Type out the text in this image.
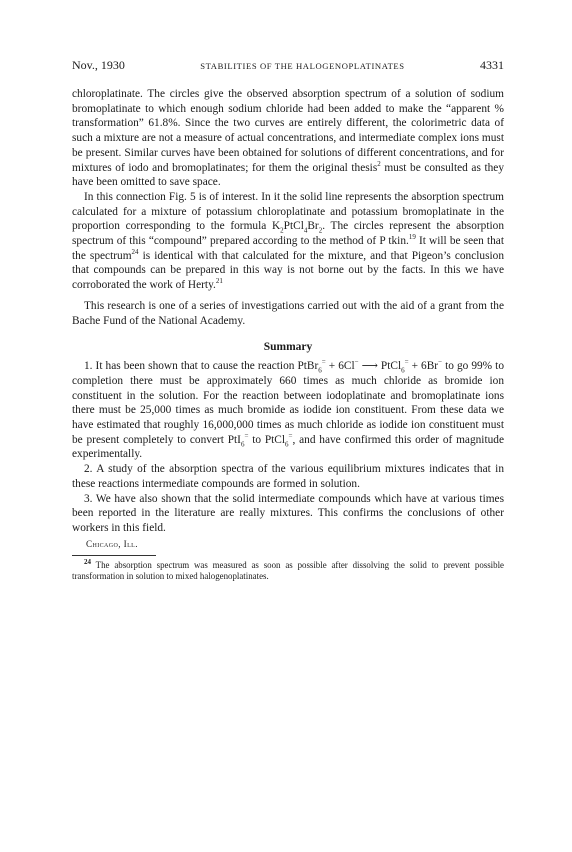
Nov., 1930	STABILITIES OF THE HALOGENOPLATINATES	4331

chloroplatinate. The circles give the observed absorption spectrum of a solution of sodium bromoplatinate to which enough sodium chloride had been added to make the “apparent % transformation” 61.8%. Since the two curves are entirely different, the colorimetric data of such a mixture are not a measure of actual concentrations, and intermediate complex ions must be present. Similar curves have been obtained for solutions of different concentrations, and for mixtures of iodo and bromoplatinates; for them the original thesis$^2$ must be consulted as they have been omitted to save space.

In this connection Fig. 5 is of interest. In it the solid line represents the absorption spectrum calculated for a mixture of potassium chloroplatinate and potassium bromoplatinate in the proportion corresponding to the formula $K_2PtCl_4Br_2$. The circles represent the absorption spectrum of this “compound” prepared according to the method of P tkin.$^{19}$ It will be seen that the spectrum$^{24}$ is identical with that calculated for the mixture, and that Pigeon’s conclusion that compounds can be prepared in this way is not borne out by the facts. In this we have corroborated the work of Herty.$^{21}$

This research is one of a series of investigations carried out with the aid of a grant from the Bache Fund of the National Academy.

Summary

1. It has been shown that to cause the reaction PtBr$_6$= + 6Cl− ⟶ PtCl$_6$= + 6Br− to go 99% to completion there must be approximately 660 times as much chloride as bromide ion constituent in the solution. For the reaction between iodoplatinate and bromoplatinate ions there must be 25,000 times as much bromide as iodide ion constituent. From these data we have estimated that roughly 16,000,000 times as much chloride as iodide ion constituent must be present completely to convert PtI$_6$= to PtCl$_6$=, and have confirmed this order of magnitude experimentally.

2. A study of the absorption spectra of the various equilibrium mixtures indicates that in these reactions intermediate compounds are formed in solution.

3. We have also shown that the solid intermediate compounds which have at various times been reported in the literature are really mixtures. This confirms the conclusions of other workers in this field.

Chicago, Ill.

$^{24}$ The absorption spectrum was measured as soon as possible after dissolving the solid to prevent possible transformation in solution to mixed halogenoplatinates.
